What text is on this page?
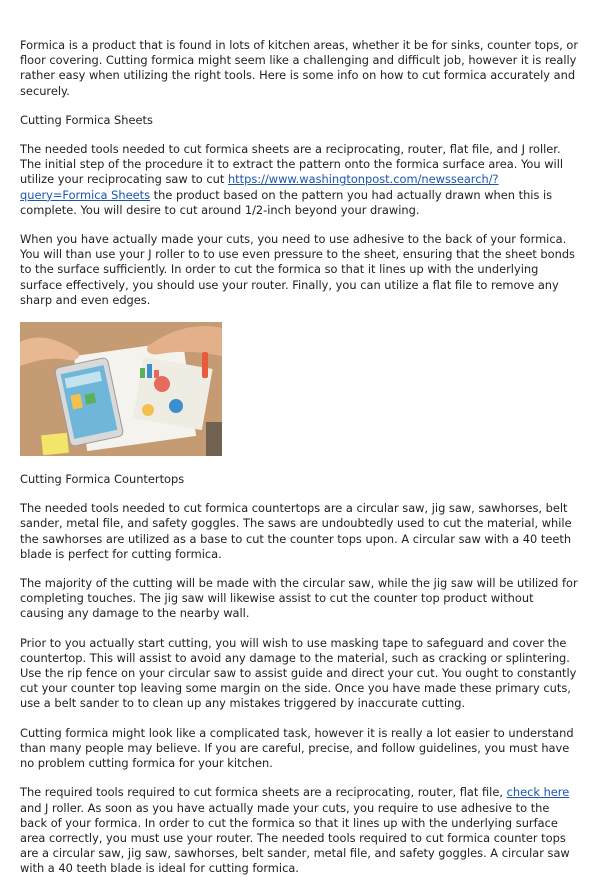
Formica is a product that is found in lots of kitchen areas, whether it be for sinks, counter tops, or floor covering. Cutting formica might seem like a challenging and difficult job, however it is really rather easy when utilizing the right tools. Here is some info on how to cut formica accurately and securely.

Cutting Formica Sheets

The needed tools needed to cut formica sheets are a reciprocating, router, flat file, and J roller. The initial step of the procedure it to extract the pattern onto the formica surface area. You will utilize your reciprocating saw to cut https://www.washingtonpost.com/newssearch/?query=Formica Sheets the product based on the pattern you had actually drawn when this is complete. You will desire to cut around 1/2-inch beyond your drawing.

When you have actually made your cuts, you need to use adhesive to the back of your formica. You will than use your J roller to to use even pressure to the sheet, ensuring that the sheet bonds to the surface sufficiently. In order to cut the formica so that it lines up with the underlying surface effectively, you should use your router. Finally, you can utilize a flat file to remove any sharp and even edges.

Cutting Formica Countertops

The needed tools needed to cut formica countertops are a circular saw, jig saw, sawhorses, belt sander, metal file, and safety goggles. The saws are undoubtedly used to cut the material, while the sawhorses are utilized as a base to cut the counter tops upon. A circular saw with a 40 teeth blade is perfect for cutting formica.

The majority of the cutting will be made with the circular saw, while the jig saw will be utilized for completing touches. The jig saw will likewise assist to cut the counter top product without causing any damage to the nearby wall.

Prior to you actually start cutting, you will wish to use masking tape to safeguard and cover the countertop. This will assist to avoid any damage to the material, such as cracking or splintering. Use the rip fence on your circular saw to assist guide and direct your cut. You ought to constantly cut your counter top leaving some margin on the side. Once you have made these primary cuts, use a belt sander to to clean up any mistakes triggered by inaccurate cutting.

Cutting formica might look like a complicated task, however it is really a lot easier to understand than many people may believe. If you are careful, precise, and follow guidelines, you must have no problem cutting formica for your kitchen.

The required tools required to cut formica sheets are a reciprocating, router, flat file, check here and J roller. As soon as you have actually made your cuts, you require to use adhesive to the back of your formica. In order to cut the formica so that it lines up with the underlying surface area correctly, you must use your router. The needed tools required to cut formica counter tops are a circular saw, jig saw, sawhorses, belt sander, metal file, and safety goggles. A circular saw with a 40 teeth blade is ideal for cutting formica.
